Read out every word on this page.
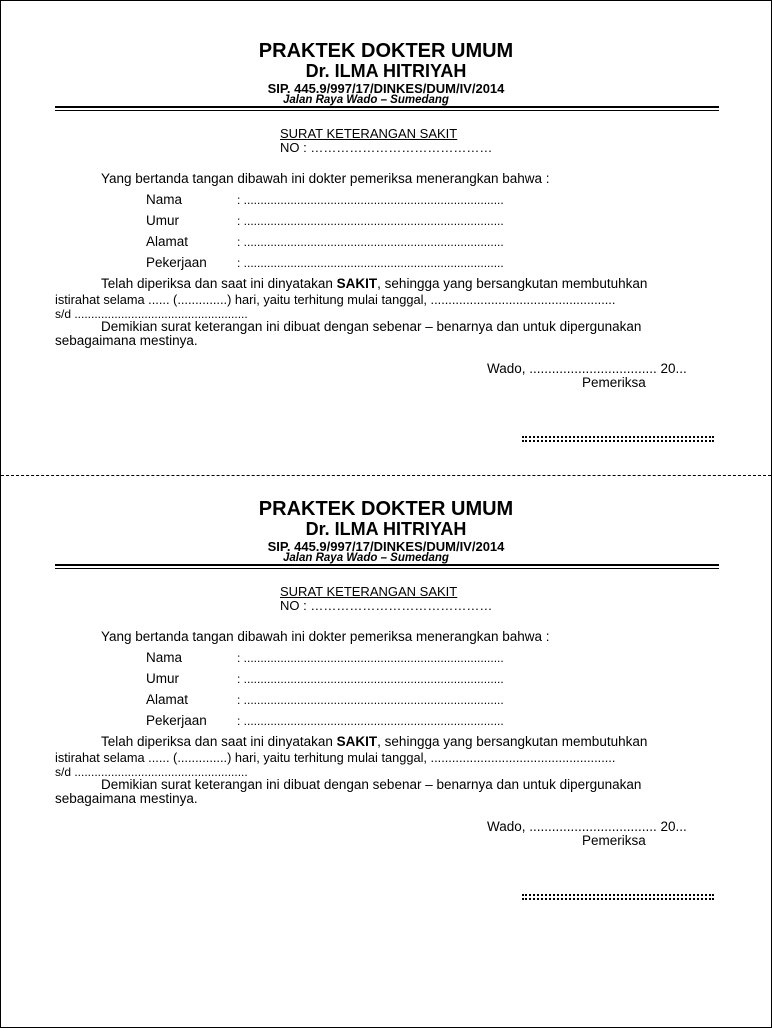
PRAKTEK DOKTER UMUM
Dr. ILMA HITRIYAH
SIP. 445.9/997/17/DINKES/DUM/IV/2014
Jalan Raya Wado – Sumedang
SURAT KETERANGAN SAKIT
NO : ……………………………………
Yang bertanda tangan dibawah ini dokter pemeriksa menerangkan bahwa :
Nama	: ..............................................................................
Umur	: ..............................................................................
Alamat	: ..............................................................................
Pekerjaan	: ..............................................................................
Telah diperiksa dan saat ini dinyatakan SAKIT, sehingga yang bersangkutan membutuhkan
istirahat selama ...... (..............) hari, yaitu terhitung mulai tanggal, ....................................................
s/d ....................................................
Demikian surat keterangan ini dibuat dengan sebenar – benarnya dan untuk dipergunakan
sebagaimana mestinya.
Wado, .................................. 20...
Pemeriksa
PRAKTEK DOKTER UMUM
Dr. ILMA HITRIYAH
SIP. 445.9/997/17/DINKES/DUM/IV/2014
Jalan Raya Wado – Sumedang
SURAT KETERANGAN SAKIT
NO : ……………………………………
Yang bertanda tangan dibawah ini dokter pemeriksa menerangkan bahwa :
Nama	: ..............................................................................
Umur	: ..............................................................................
Alamat	: ..............................................................................
Pekerjaan	: ..............................................................................
Telah diperiksa dan saat ini dinyatakan SAKIT, sehingga yang bersangkutan membutuhkan
istirahat selama ...... (..............) hari, yaitu terhitung mulai tanggal, ....................................................
s/d ....................................................
Demikian surat keterangan ini dibuat dengan sebenar – benarnya dan untuk dipergunakan
sebagaimana mestinya.
Wado, .................................. 20...
Pemeriksa
